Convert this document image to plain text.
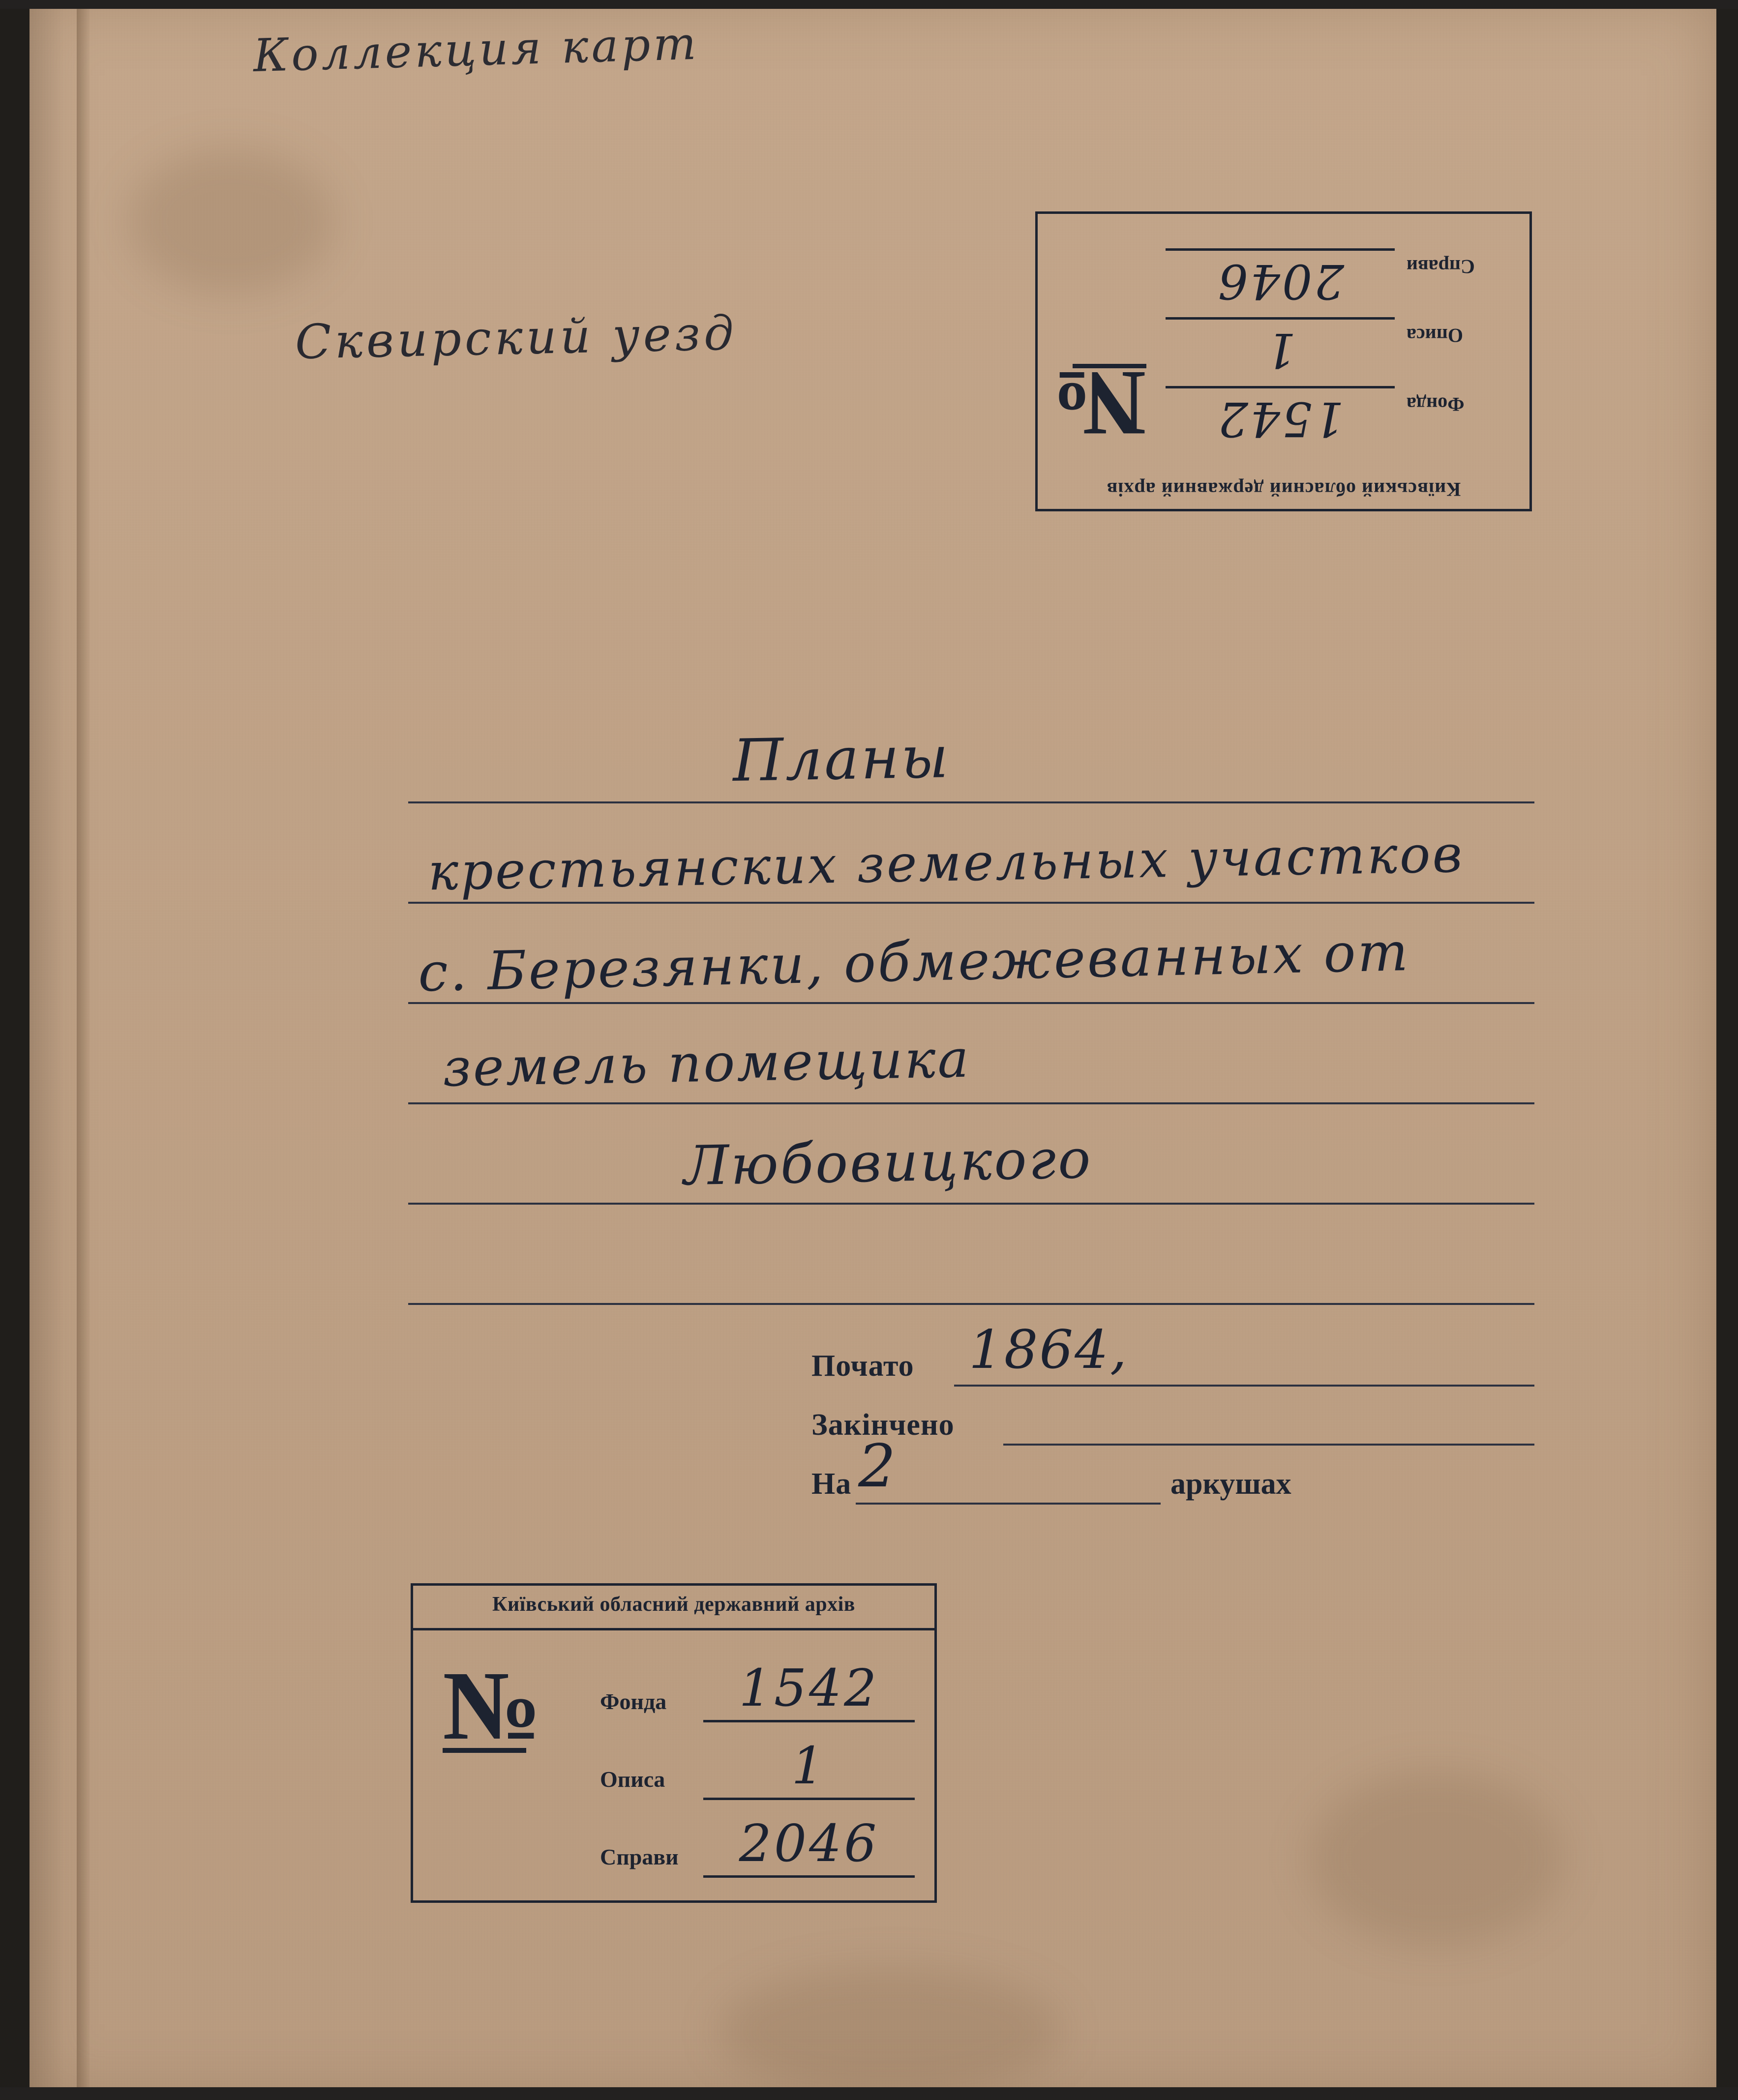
Коллекция карт
Сквирский уезд
Київський обласний державний архів
№	Фонда
1542
Опиcа
1
Справи
2046
Планы
крестьянских земельных участков
с. Березянки, обмежеванных от
земель помещика
Любовицкого
Почато 1864,
Закінчено
На 2	аркушах
Київський обласний державний архів
№	Фонда	1542
Опиcа	1
Справи	2046
